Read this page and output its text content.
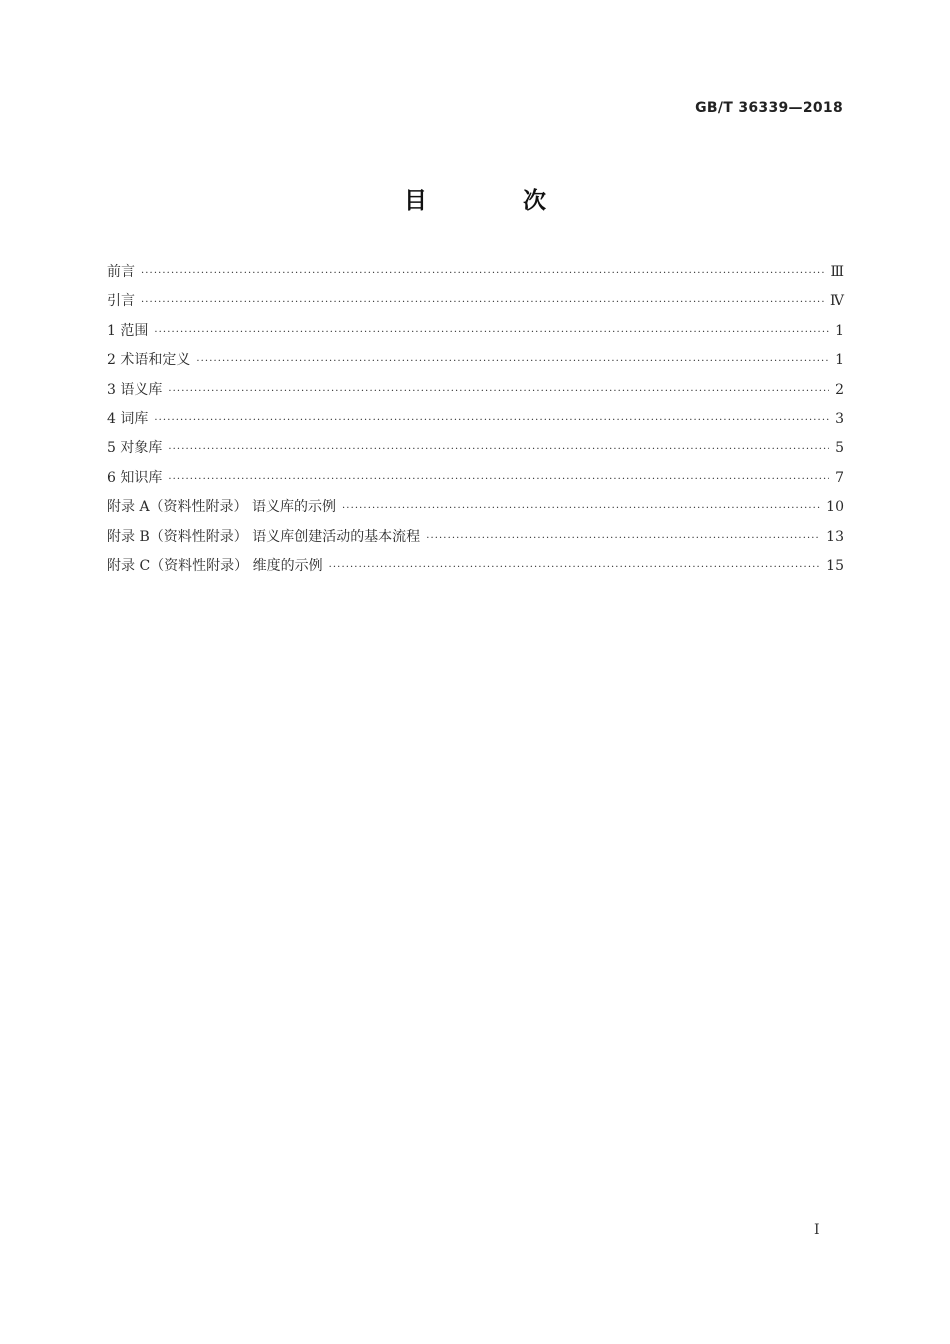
GB/T 36339—2018
目 次
前言 ·····	Ⅲ
引言 ·····	Ⅳ
1 范围 ·····	1
2 术语和定义 ·····	1
3 语义库 ·····	2
4 词库 ·····	3
5 对象库 ·····	5
6 知识库 ·····	7
附录 A（资料性附录） 语义库的示例 ·····	10
附录 B（资料性附录） 语义库创建活动的基本流程 ·····	13
附录 C（资料性附录） 维度的示例 ·····	15
I
